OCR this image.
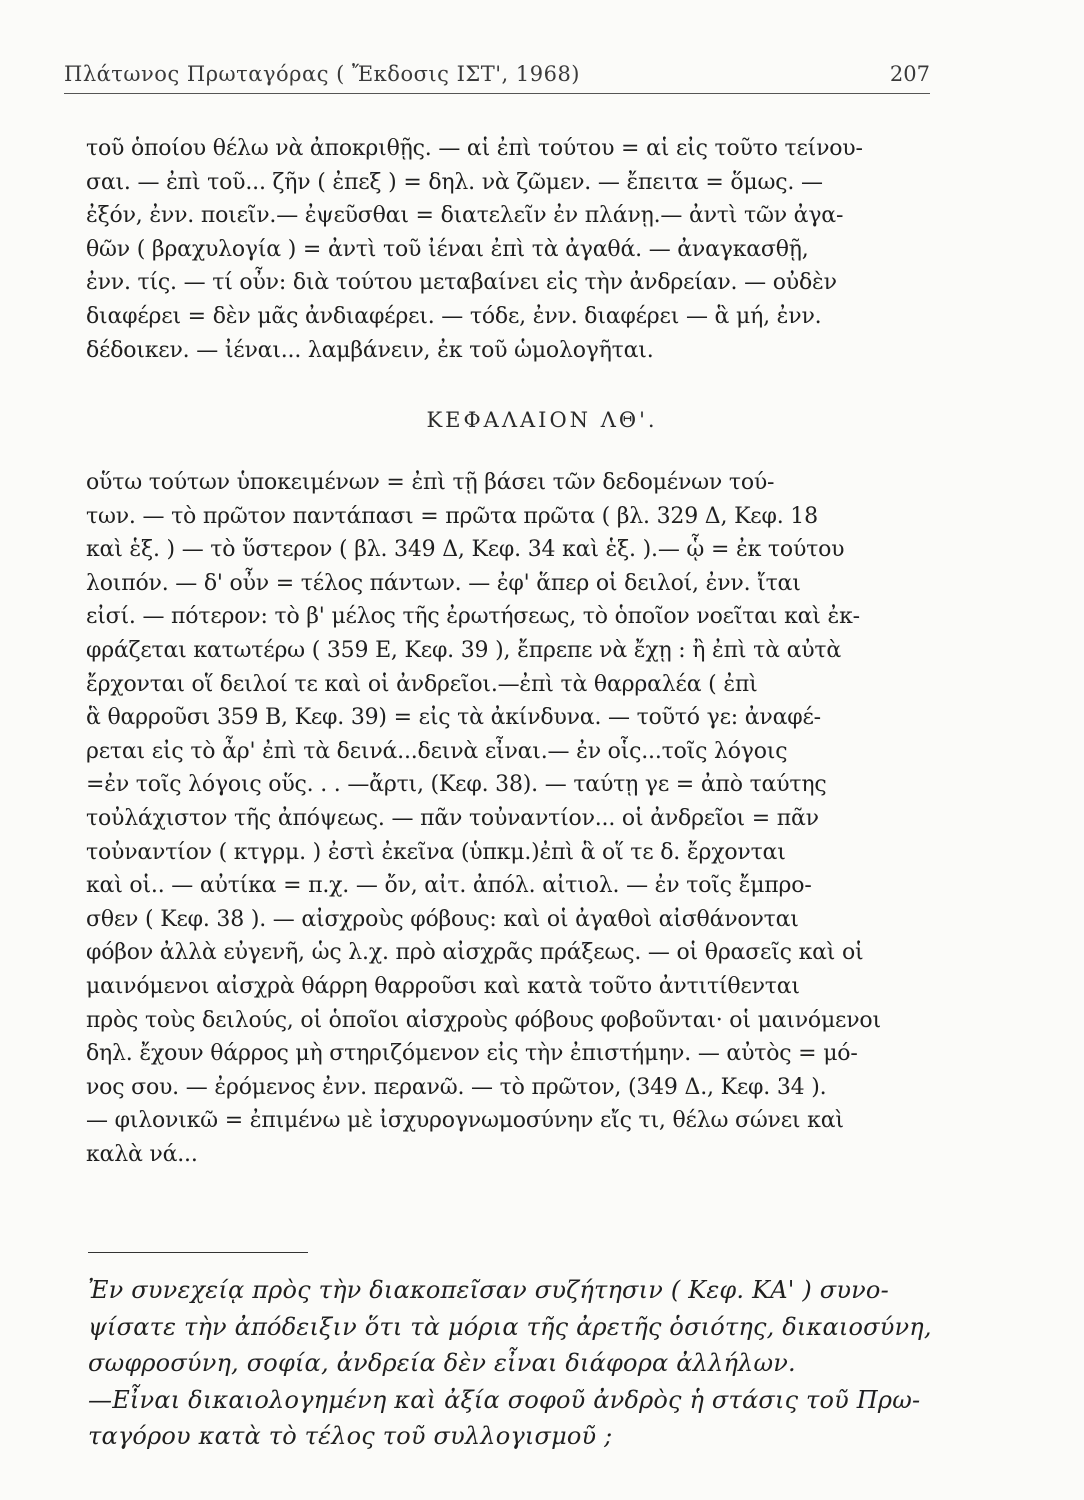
Πλάτωνος Πρωταγόρας ( Ἔκδοσις ΙΣΤ', 1968)	207
τοῦ ὁποίου θέλω νὰ ἀποκριθῇς. — αἱ ἐπὶ τούτου = αἱ εἰς τοῦτο τείνου-
σαι. — ἐπὶ τοῦ... ζῆν ( ἐπεξ ) = δηλ. νὰ ζῶμεν. — ἔπειτα = ὅμως. —
ἐξόν, ἐνν. ποιεῖν.— ἐψεῦσθαι = διατελεῖν ἐν πλάνῃ.— ἀντὶ τῶν ἀγα-
θῶν ( βραχυλογία ) = ἀντὶ τοῦ ἰέναι ἐπὶ τὰ ἀγαθά. — ἀναγκασθῇ,
ἐνν. τίς. — τί οὖν: διὰ τούτου μεταβαίνει εἰς τὴν ἀνδρείαν. — οὐδὲν
διαφέρει = δὲν μᾶς ἀνδιαφέρει. — τόδε, ἐνν. διαφέρει — ἃ μή, ἐνν.
δέδοικεν. — ἰέναι... λαμβάνειν, ἐκ τοῦ ὡμολογῆται.
ΚΕΦΑΛΑΙΟΝ ΛΘ'.
οὕτω τούτων ὑποκειμένων = ἐπὶ τῇ βάσει τῶν δεδομένων τού-
των. — τὸ πρῶτον παντάπασι = πρῶτα πρῶτα ( βλ. 329 Δ, Κεφ. 18
καὶ ἑξ. ) — τὸ ὕστερον ( βλ. 349 Δ, Κεφ. 34 καὶ ἑξ. ).— ᾧ = ἐκ τούτου
λοιπόν. — δ' οὖν = τέλος πάντων. — ἐφ' ἅπερ οἱ δειλοί, ἐνν. ἴται
εἰσί. — πότερον: τὸ β' μέλος τῆς ἐρωτήσεως, τὸ ὁποῖον νοεῖται καὶ ἐκ-
φράζεται κατωτέρω ( 359 Ε, Κεφ. 39 ), ἔπρεπε νὰ ἔχῃ : ἢ ἐπὶ τὰ αὐτὰ
ἔρχονται οἵ δειλοί τε καὶ οἱ ἀνδρεῖοι.—ἐπὶ τὰ θαρραλέα ( ἐπὶ
ἃ θαρροῦσι 359 Β, Κεφ. 39) = εἰς τὰ ἀκίνδυνα. — τοῦτό γε: ἀναφέ-
ρεται εἰς τὸ ἆρ' ἐπὶ τὰ δεινά...δεινὰ εἶναι.— ἐν οἷς...τοῖς λόγοις
=ἐν τοῖς λόγοις οὕς. . . —ἄρτι, (Κεφ. 38). — ταύτῃ γε = ἀπὸ ταύτης
τοὐλάχιστον τῆς ἀπόψεως. — πᾶν τοὐναντίον... οἱ ἀνδρεῖοι = πᾶν
τοὐναντίον ( κτγρμ. ) ἐστὶ ἐκεῖνα (ὑπκμ.)ἐπὶ ἃ οἵ τε δ. ἔρχονται
καὶ οἱ.. — αὐτίκα = π.χ. — ὄν, αἰτ. ἀπόλ. αἰτιολ. — ἐν τοῖς ἔμπρο-
σθεν ( Κεφ. 38 ). — αἰσχροὺς φόβους: καὶ οἱ ἀγαθοὶ αἰσθάνονται
φόβον ἀλλὰ εὐγενῆ, ὡς λ.χ. πρὸ αἰσχρᾶς πράξεως. — οἱ θρασεῖς καὶ οἱ
μαινόμενοι αἰσχρὰ θάρρη θαρροῦσι καὶ κατὰ τοῦτο ἀντιτίθενται
πρὸς τοὺς δειλούς, οἱ ὁποῖοι αἰσχροὺς φόβους φοβοῦνται· οἱ μαινόμενοι
δηλ. ἔχουν θάρρος μὴ στηριζόμενον εἰς τὴν ἐπιστήμην. — αὐτὸς = μό-
νος σου. — ἐρόμενος ἐνν. περανῶ. — τὸ πρῶτον, (349 Δ., Κεφ. 34 ).
— φιλονικῶ = ἐπιμένω μὲ ἰσχυρογνωμοσύνην εἴς τι, θέλω σώνει καὶ
καλὰ νά...
Ἐν συνεχείᾳ πρὸς τὴν διακοπεῖσαν συζήτησιν ( Κεφ. ΚΑ' ) συνο-
ψίσατε τὴν ἀπόδειξιν ὅτι τὰ μόρια τῆς ἀρετῆς ὁσιότης, δικαιοσύνη,
σωφροσύνη, σοφία, ἀνδρεία δὲν εἶναι διάφορα ἀλλήλων.
—Εἶναι δικαιολογημένη καὶ ἀξία σοφοῦ ἀνδρὸς ἡ στάσις τοῦ Πρω-
ταγόρου κατὰ τὸ τέλος τοῦ συλλογισμοῦ ;
